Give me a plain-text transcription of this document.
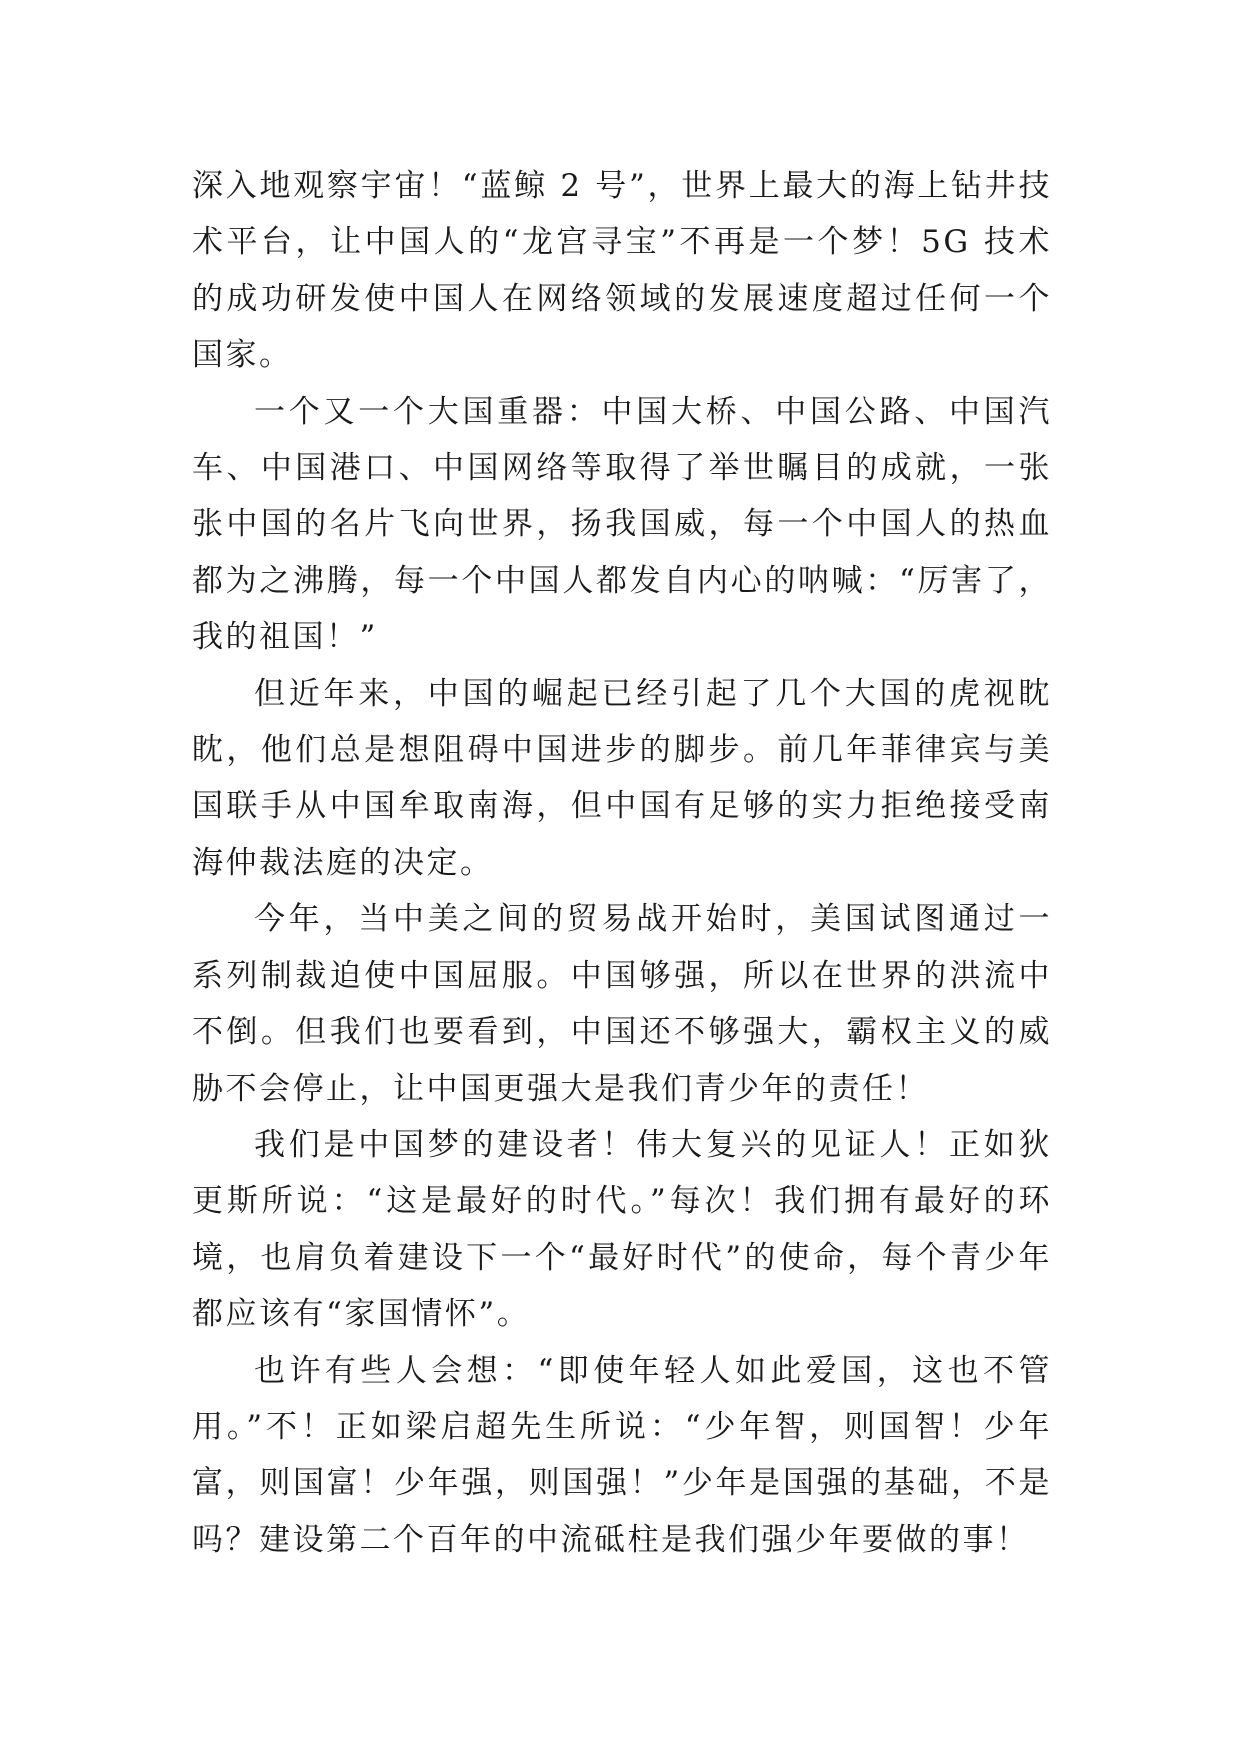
深入地观察宇宙！“蓝鲸 2 号”，世界上最大的海上钻井技术平台，让中国人的“龙宫寻宝”不再是一个梦！5G 技术的成功研发使中国人在网络领域的发展速度超过任何一个国家。

一个又一个大国重器：中国大桥、中国公路、中国汽车、中国港口、中国网络等取得了举世瞩目的成就，一张张中国的名片飞向世界，扬我国威，每一个中国人的热血都为之沸腾，每一个中国人都发自内心的呐喊：“厉害了，我的祖国！”

但近年来，中国的崛起已经引起了几个大国的虎视眈眈，他们总是想阻碍中国进步的脚步。前几年菲律宾与美国联手从中国牟取南海，但中国有足够的实力拒绝接受南海仲裁法庭的决定。

今年，当中美之间的贸易战开始时，美国试图通过一系列制裁迫使中国屈服。中国够强，所以在世界的洪流中不倒。但我们也要看到，中国还不够强大，霸权主义的威胁不会停止，让中国更强大是我们青少年的责任！

我们是中国梦的建设者！伟大复兴的见证人！正如狄更斯所说：“这是最好的时代。”每次！我们拥有最好的环境，也肩负着建设下一个“最好时代”的使命，每个青少年都应该有“家国情怀”。

也许有些人会想：“即使年轻人如此爱国，这也不管用。”不！正如梁启超先生所说：“少年智，则国智！少年富，则国富！少年强，则国强！”少年是国强的基础，不是吗？建设第二个百年的中流砥柱是我们强少年要做的事！
